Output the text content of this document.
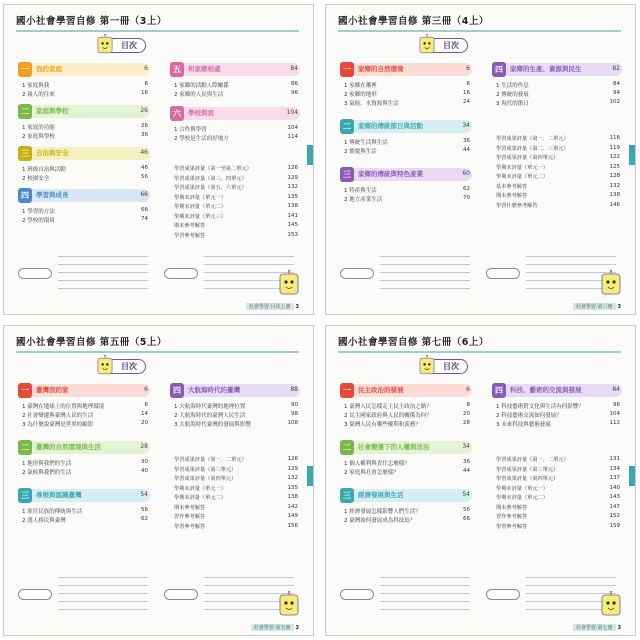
國小社會學習自修 第一冊（3上）
目次
一	我的家庭	6
1 家庭與我	6
2 親人的往來	16
二	家庭與學校	26
1 家庭的功能	26
2 家庭與學校	36
三	自治與安全	46
1 班級自治與活動	46
2 校園安全	56
四	學習與成長	66
1 學習的方法	66
2 學校的環境	74
五	和家鄉相處	84
1 家鄉的活動人際關係	86
2 家鄉的人民與生活	96
六	學校與我	104
1 合作與學習	104
2 學校是生活的好地方	114
學習成果評量（第一至第二單元）	126
學習成果評量（第三、四單元）	129
學習成果評量（第五、六單元）	132
學期末評量（單元一）	135
學期末評量（單元二）	138
學期末評量（單元三）	141
期末參考解答	145
學習參考解答	153
社會學習·目次上冊 3
國小社會學習自修 第三冊（4上）
目次
一	家鄉的自然環境	6
1 家鄉在哪裡	6
2 家鄉的地形	16
3 氣候、水資源與生活	24
二	家鄉的傳統節日與活動	34
1 傳統生活與生活	36
2 節慶與生活	44
三	家鄉的傳統與特色產業	60
1 特產與生活	62
2 地方產業生活	70
四	家鄉的生產、資源與民生	82
1 生活的作息	84
2 傳統的發展	94
3 現代的節日	102
學習成果評量（第一、二單元）	116
學習成果評量（第二、三單元）	119
學習成果評量（第四單元）	122
學期末評量（單元一）	125
學期末評量（單元二）	128
基本參考解答	132
期末參考解答	138
學習什麼參考解答	146
社會學習·第三冊 3
國小社會學習自修 第五冊（5上）
目次
一	臺灣我的家	6
1 臺灣在地球上的位置與地理環境	6
2 社會變遷與臺灣人民的生活	14
3 為什麼說臺灣是世界的縮影	20
二	臺灣的自然環境與生活	28
1 地形與我們的生活	30
2 氣候與我們的生活	40
三	尋根與認識臺灣	54
1 原住民族的傳統與生活	56
2 漢人移民與臺灣	62
四	大航海時代的臺灣	88
1 大航海時代臺灣的地理位置	90
2 大航海時代的臺灣人民生活	98
3 大航海時代臺灣的發展與影響	108
學習成果評量（第一、二單元）	126
學習成果評量（第三單元）	129
學習成果評量（第四單元）	132
學期末評量（單元一）	135
學期末評量（單元二）	138
期末參考解答	142
習作參考解答	149
學習參考解答	156
社會學習·第五冊 3
國小社會學習自修 第七冊（6上）
目次
一	民主政治的發展	6
1 臺灣人民怎樣走上民主政治之路？	8
2 民主國家政府與人民的關係為何？	20
3 臺灣人民有哪些權利和義務？	28
二	社會變遷下的人權與法治	34
1 個人權利與責任怎麼樣？	36
2 家庭與社會怎麼樣？	44
三	經濟發展與生活	54
1 經濟發展怎樣影響人們生活？	56
2 臺灣如何發展成為科技島？	66
四	科技、藝術的交流與發展	84
1 科技藝術對文化與生活有何影響？	96
2 科技藝術交流如何發展？	104
3 未來科技與藝術發展	112
學習成果評量（第一、二單元）	131
學習成果評量（第三單元）	134
學習成果評量（第四單元）	137
學期末評量（單元一）	140
學期末評量（單元二）	143
期末參考解答	147
習作參考解答	152
學習參考解答	159
社會學習·第七冊 3
